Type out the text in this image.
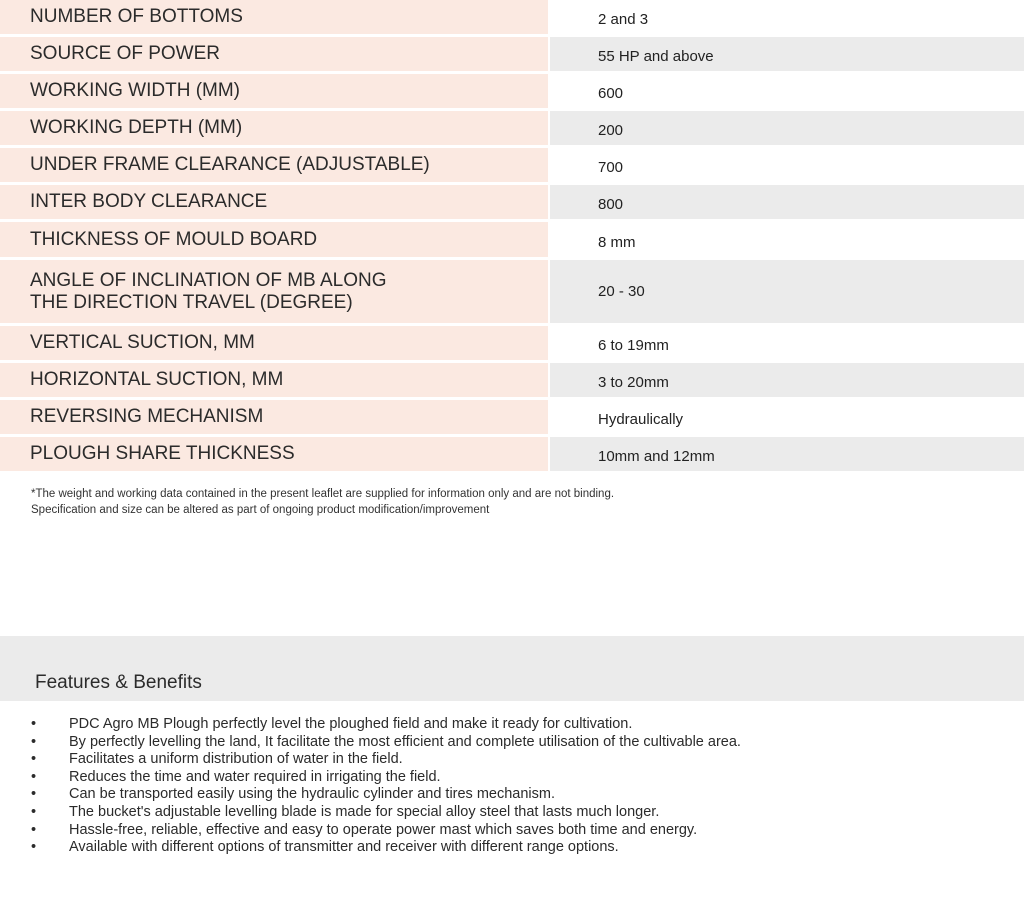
NUMBER OF BOTTOMS	2 and 3
SOURCE OF POWER	55 HP and above
WORKING WIDTH (MM)	600
WORKING DEPTH (MM)	200
UNDER FRAME CLEARANCE (ADJUSTABLE)	700
INTER BODY CLEARANCE	800
THICKNESS OF MOULD BOARD	8 mm
ANGLE OF INCLINATION OF MB ALONG
THE DIRECTION TRAVEL (DEGREE)	20 - 30
VERTICAL SUCTION, MM	6 to 19mm
HORIZONTAL SUCTION, MM	3 to 20mm
REVERSING MECHANISM	Hydraulically
PLOUGH SHARE THICKNESS	10mm and 12mm
*The weight and working data contained in the present leaflet are supplied for information only and are not binding.
Specification and size can be altered as part of ongoing product modification/improvement
Features & Benefits
• PDC Agro MB Plough perfectly level the ploughed field and make it ready for cultivation.
• By perfectly levelling the land, It facilitate the most efficient and complete utilisation of the cultivable area.
• Facilitates a uniform distribution of water in the field.
• Reduces the time and water required in irrigating the field.
• Can be transported easily using the hydraulic cylinder and tires mechanism.
• The bucket's adjustable levelling blade is made for special alloy steel that lasts much longer.
• Hassle-free, reliable, effective and easy to operate power mast which saves both time and energy.
• Available with different options of transmitter and receiver with different range options.
